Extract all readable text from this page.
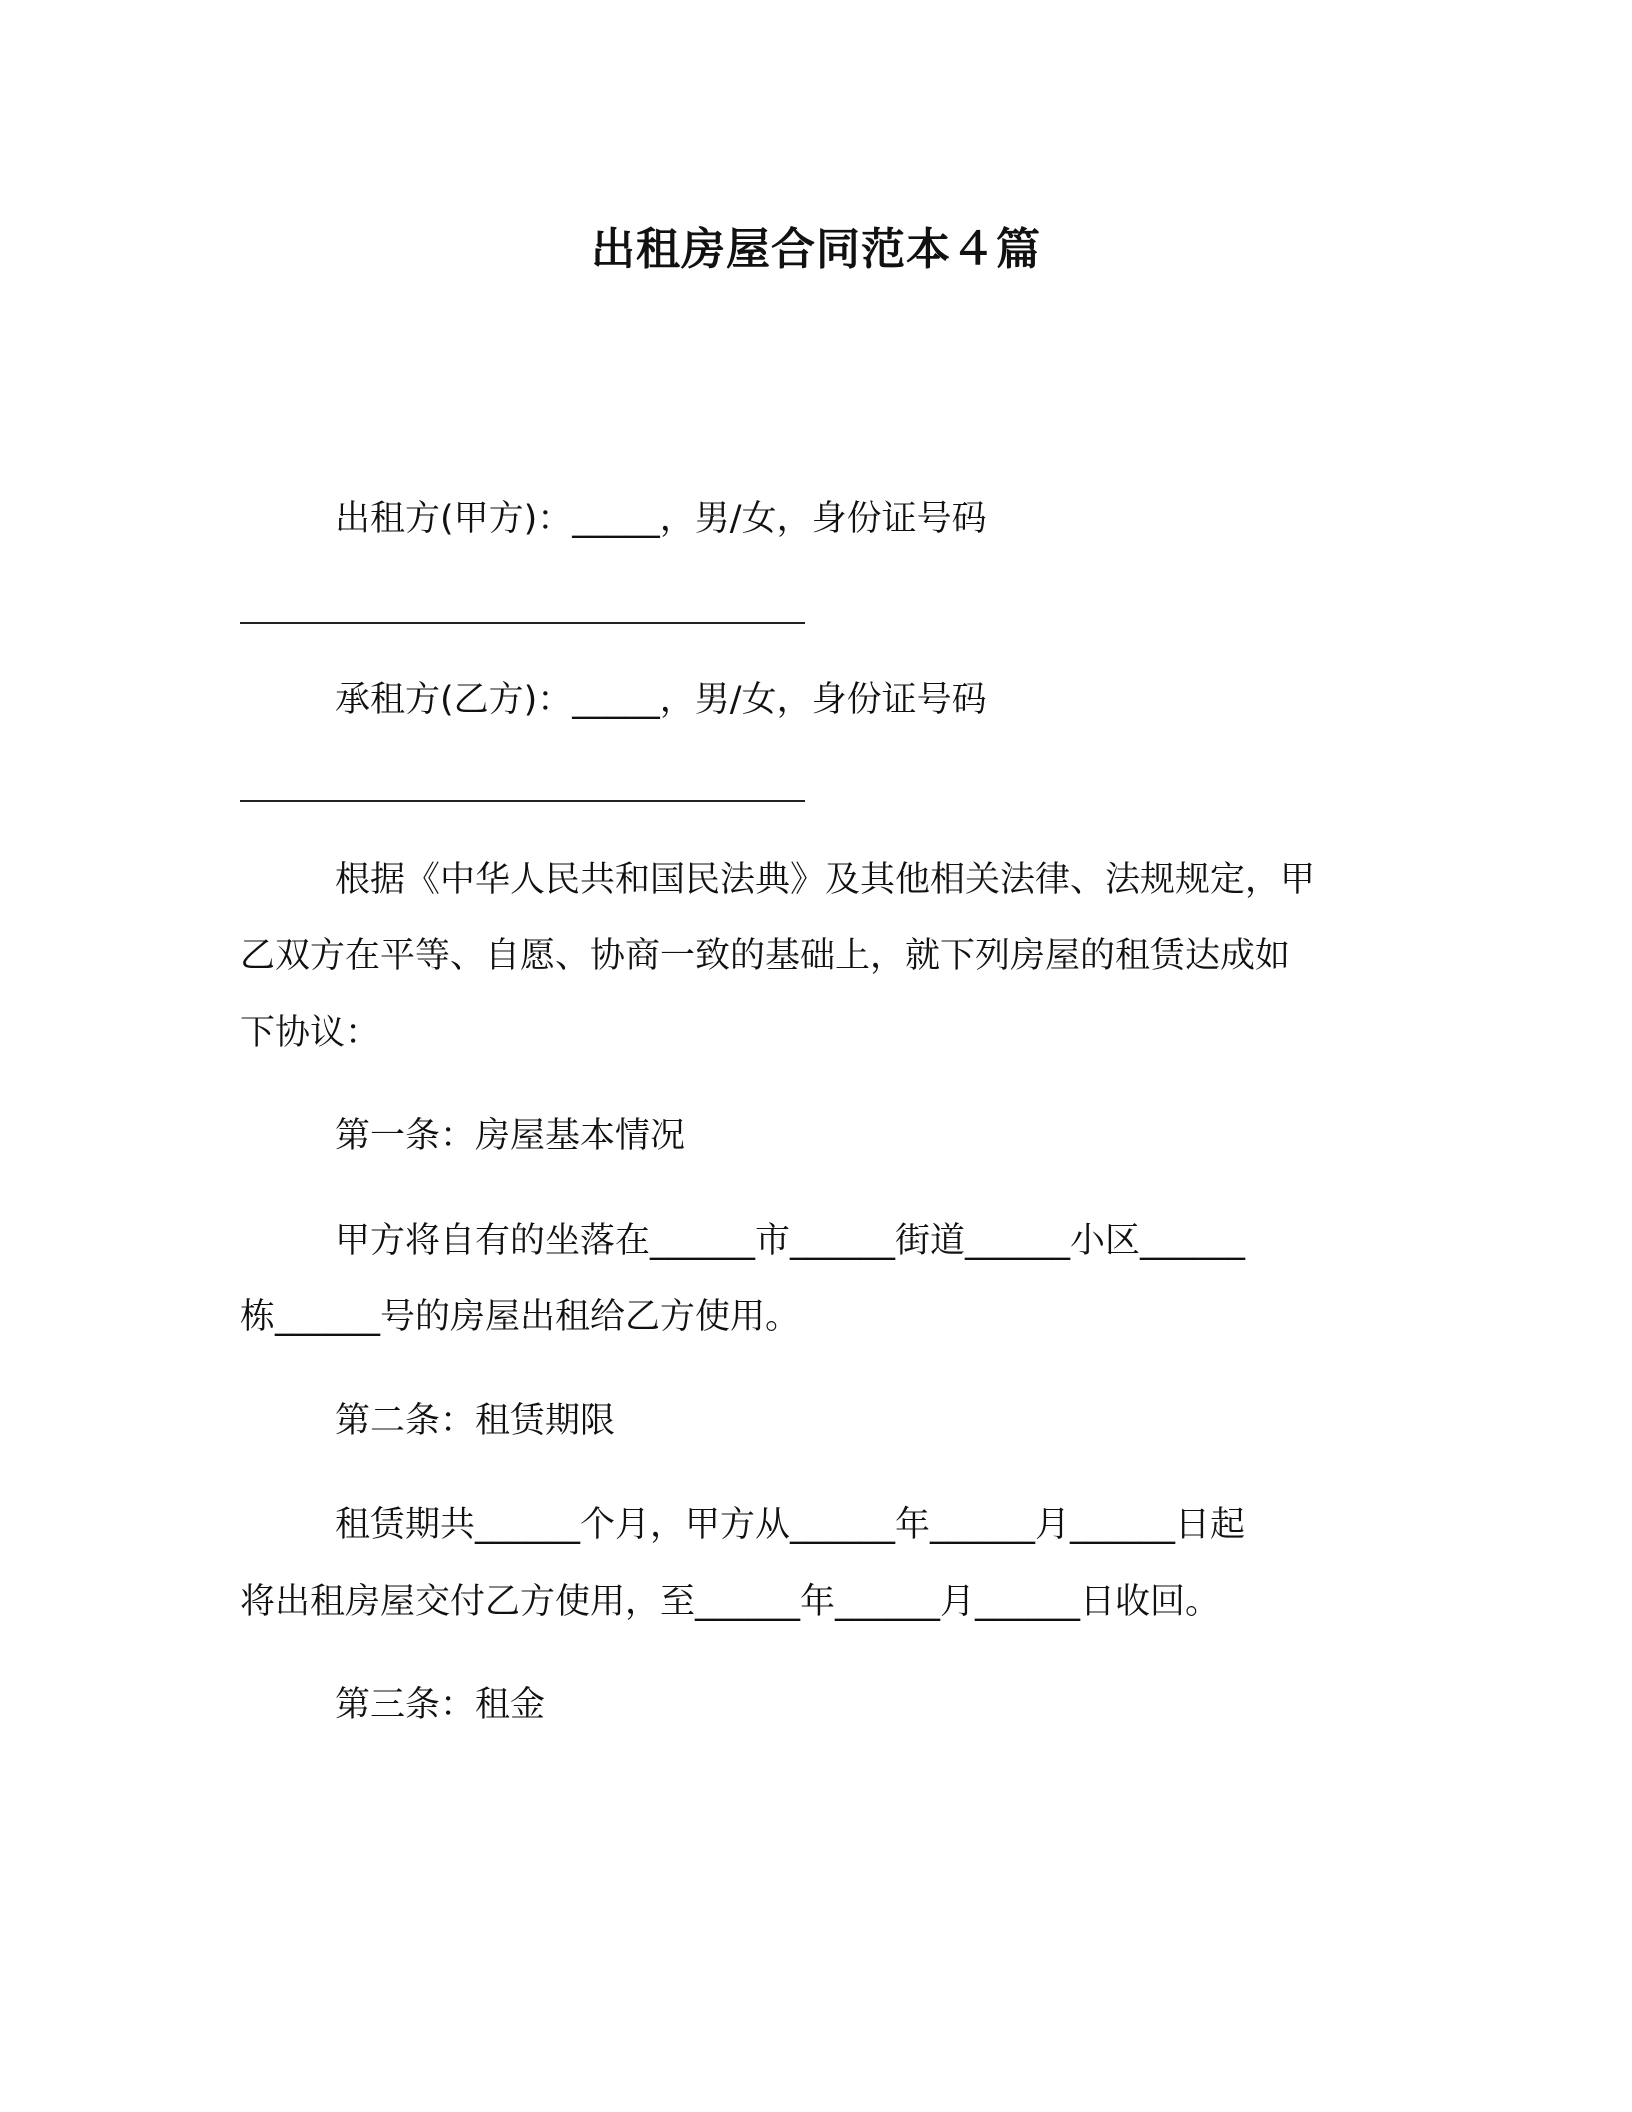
出租房屋合同范本４篇

出租方(甲方)：_____，男/女，身份证号码

承租方(乙方)：_____，男/女，身份证号码

根据《中华人民共和国民法典》及其他相关法律、法规规定，甲

乙双方在平等、自愿、协商一致的基础上，就下列房屋的租赁达成如

下协议：

第一条：房屋基本情况

甲方将自有的坐落在______市______街道______小区______

栋______号的房屋出租给乙方使用。

第二条：租赁期限

租赁期共______个月，甲方从______年______月______日起

将出租房屋交付乙方使用，至______年______月______日收回。

第三条：租金
